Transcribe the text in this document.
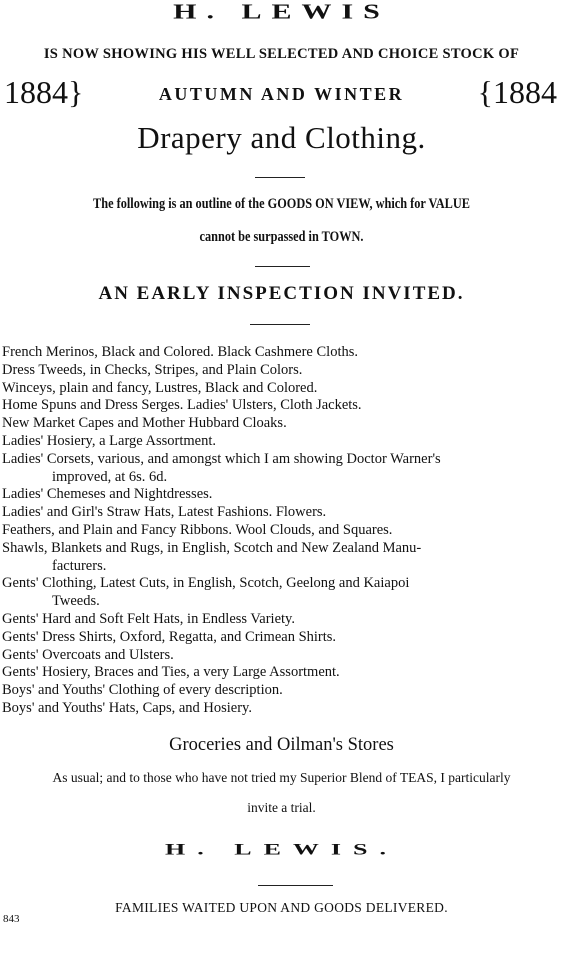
H. LEWIS
IS NOW SHOWING HIS WELL SELECTED AND CHOICE STOCK OF
1884}	AUTUMN AND WINTER	{1884
Drapery and Clothing.
The following is an outline of the GOODS ON VIEW, which for VALUE
cannot be surpassed in TOWN.
AN EARLY INSPECTION INVITED.
French Merinos, Black and Colored. Black Cashmere Cloths.
Dress Tweeds, in Checks, Stripes, and Plain Colors.
Winceys, plain and fancy, Lustres, Black and Colored.
Home Spuns and Dress Serges. Ladies' Ulsters, Cloth Jackets.
New Market Capes and Mother Hubbard Cloaks.
Ladies' Hosiery, a Large Assortment.
Ladies' Corsets, various, and amongst which I am showing Doctor Warner's
improved, at 6s. 6d.
Ladies' Chemeses and Nightdresses.
Ladies' and Girl's Straw Hats, Latest Fashions. Flowers.
Feathers, and Plain and Fancy Ribbons. Wool Clouds, and Squares.
Shawls, Blankets and Rugs, in English, Scotch and New Zealand Manu-
facturers.
Gents' Clothing, Latest Cuts, in English, Scotch, Geelong and Kaiapoi
Tweeds.
Gents' Hard and Soft Felt Hats, in Endless Variety.
Gents' Dress Shirts, Oxford, Regatta, and Crimean Shirts.
Gents' Overcoats and Ulsters.
Gents' Hosiery, Braces and Ties, a very Large Assortment.
Boys' and Youths' Clothing of every description.
Boys' and Youths' Hats, Caps, and Hosiery.
Groceries and Oilman's Stores
As usual; and to those who have not tried my Superior Blend of TEAS, I particularly
invite a trial.
H. LEWIS.
FAMILIES WAITED UPON AND GOODS DELIVERED.
843
